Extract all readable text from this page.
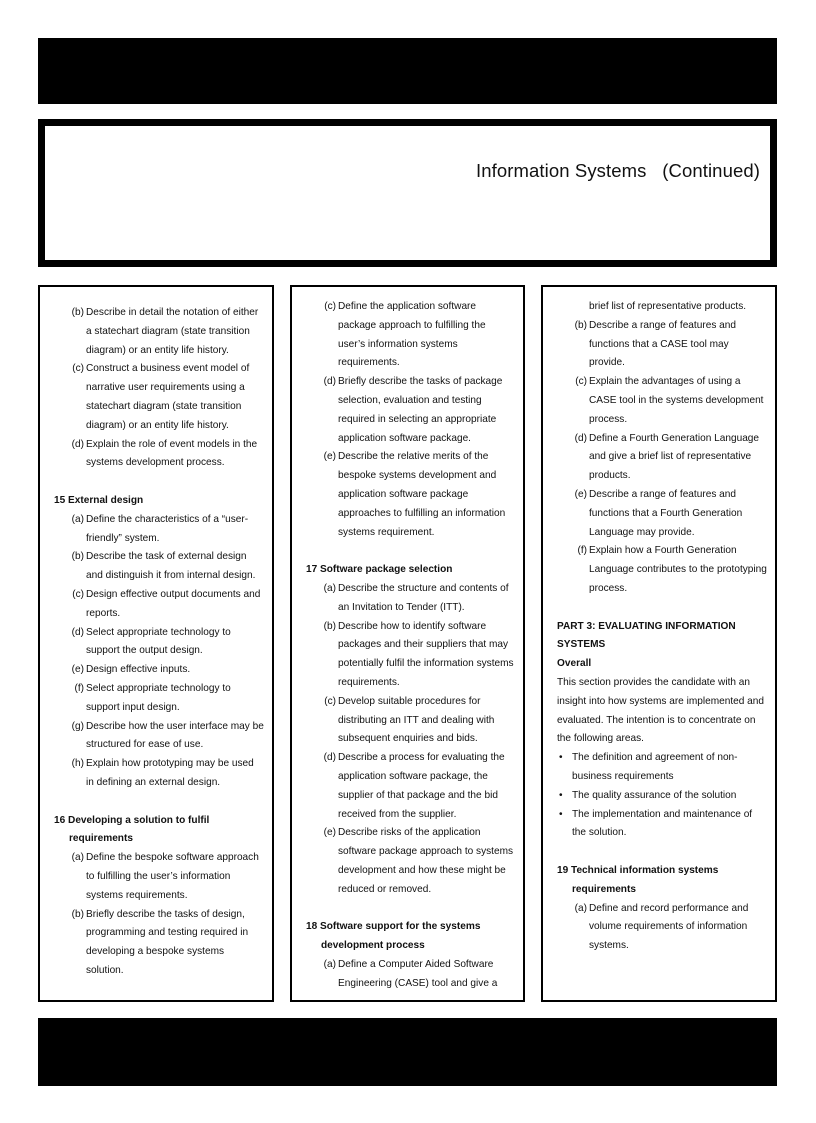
Information Systems   (Continued)
(b) Describe in detail the notation of either a statechart diagram (state transition diagram) or an entity life history.
(c) Construct a business event model of narrative user requirements using a statechart diagram (state transition diagram) or an entity life history.
(d) Explain the role of event models in the systems development process.
15 External design
(a) Define the characteristics of a “user-friendly” system.
(b) Describe the task of external design and distinguish it from internal design.
(c) Design effective output documents and reports.
(d) Select appropriate technology to support the output design.
(e) Design effective inputs.
(f) Select appropriate technology to support input design.
(g) Describe how the user interface may be structured for ease of use.
(h) Explain how prototyping may be used in defining an external design.
16 Developing a solution to fulfil requirements
(a) Define the bespoke software approach to fulfilling the user’s information systems requirements.
(b) Briefly describe the tasks of design, programming and testing required in developing a bespoke systems solution.
(c) Define the application software package approach to fulfilling the user’s information systems requirements.
(d) Briefly describe the tasks of package selection, evaluation and testing required in selecting an appropriate application software package.
(e) Describe the relative merits of the bespoke systems development and application software package approaches to fulfilling an information systems requirement.
17 Software package selection
(a) Describe the structure and contents of an Invitation to Tender (ITT).
(b) Describe how to identify software packages and their suppliers that may potentially fulfil the information systems requirements.
(c) Develop suitable procedures for distributing an ITT and dealing with subsequent enquiries and bids.
(d) Describe a process for evaluating the application software package, the supplier of that package and the bid received from the supplier.
(e) Describe risks of the application software package approach to systems development and how these might be reduced or removed.
18 Software support for the systems development process
(a) Define a Computer Aided Software Engineering (CASE) tool and give a
brief list of representative products.
(b) Describe a range of features and functions that a CASE tool may provide.
(c) Explain the advantages of using a CASE tool in the systems development process.
(d) Define a Fourth Generation Language and give a brief list of representative products.
(e) Describe a range of features and functions that a Fourth Generation Language may provide.
(f) Explain how a Fourth Generation Language contributes to the prototyping process.
PART 3: EVALUATING INFORMATION SYSTEMS
Overall
This section provides the candidate with an insight into how systems are implemented and evaluated. The intention is to concentrate on the following areas.
• The definition and agreement of non-business requirements
• The quality assurance of the solution
• The implementation and maintenance of the solution.
19 Technical information systems requirements
(a) Define and record performance and volume requirements of information systems.
